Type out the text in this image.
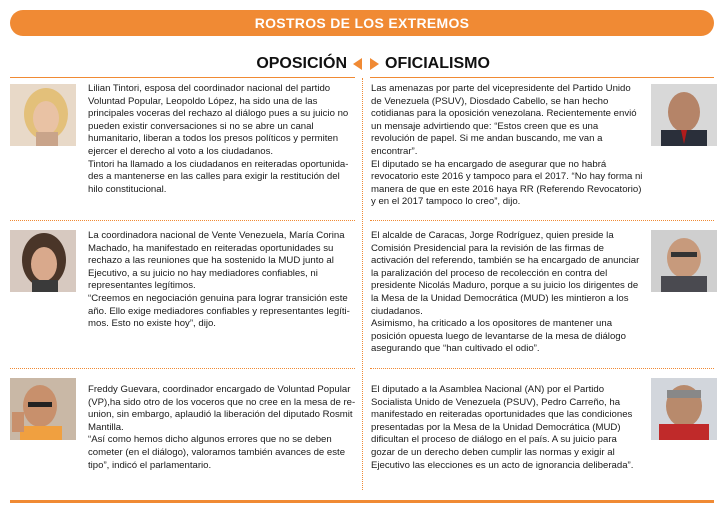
ROSTROS DE LOS EXTREMOS
OPOSICIÓN OFICIALISMO

Lilian Tintori, esposa del coordinador nacional del partido Voluntad Popular, Leopoldo López, ha sido una de las principales voceras del rechazo al diálogo pues a su juicio no pueden existir conversaciones si no se abre un canal humanitario, liberan a todos los presos políticos y permiten ejercer el derecho al voto a los ciudadanos.

Tintori ha llamado a los ciudadanos en reiteradas oportunidades a mantenerse en las calles para exigir la restitución del hilo constitucional.

La coordinadora nacional de Vente Venezuela, María Corina Machado, ha manifestado en reiteradas oportunidades su rechazo a las reuniones que ha sostenido la MUD junto al Ejecutivo, a su juicio no hay mediadores confiables, ni representantes legítimos.

“Creemos en negociación genuina para lograr transición este año. Ello exige mediadores confiables y representantes legítimos. Esto no existe hoy”, dijo.

Freddy Guevara, coordinador encargado de Voluntad Popular (VP),ha sido otro de los voceros que no cree en la mesa de reunion, sin embargo, aplaudió la liberación del diputado Rosmit Mantilla.

“Así como hemos dicho algunos errores que no se deben cometer (en el diálogo), valoramos también avances de este tipo”, indicó el parlamentario.

Las amenazas por parte del vicepresidente del Partido Unido de Venezuela (PSUV), Diosdado Cabello, se han hecho cotidianas para la oposición venezolana. Recientemente envió un mensaje advirtiendo que: “Estos creen que es una revolución de papel. Si me andan buscando, me van a encontrar”.

El diputado se ha encargado de asegurar que no habrá revocatorio este 2016 y tampoco para el 2017. “No hay forma ni manera de que en este 2016 haya RR (Referendo Revocatorio) y en el 2017 tampoco lo creo”, dijo.

El alcalde de Caracas, Jorge Rodríguez, quien preside la Comisión Presidencial para la revisión de las firmas de activación del referendo, también se ha encargado de anunciar la paralización del proceso de recolección en contra del presidente Nicolás Maduro, porque a su juicio los dirigentes de la Mesa de la Unidad Democrática (MUD) les mintieron a los ciudadanos.

Asimismo, ha criticado a los opositores de mantener una posición opuesta luego de levantarse de la mesa de diálogo asegurando que “han cultivado el odio”.

El diputado a la Asamblea Nacional (AN) por el Partido Socialista Unido de Venezuela (PSUV), Pedro Carreño, ha manifestado en reiteradas oportunidades que las condiciones presentadas por la Mesa de la Unidad Democrática (MUD) dificultan el proceso de diálogo en el país. A su juicio para gozar de un derecho deben cumplir las normas y exigir al Ejecutivo las elecciones es un acto de ignorancia deliberada”.
